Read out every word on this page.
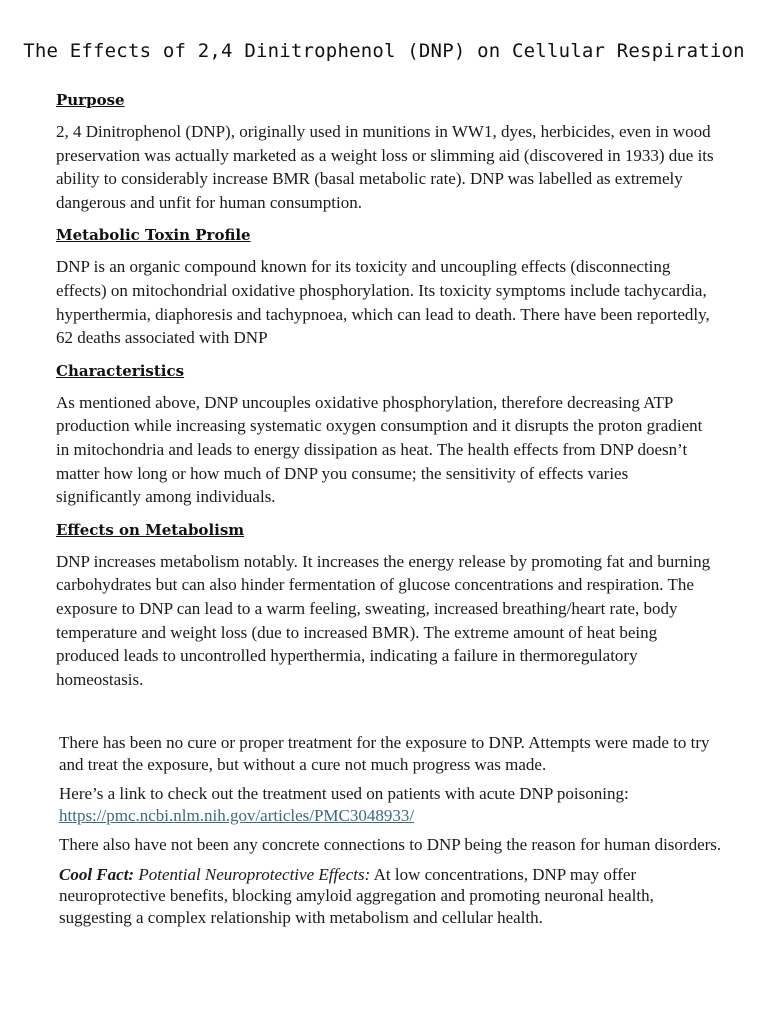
The Effects of 2,4 Dinitrophenol (DNP) on Cellular Respiration
Purpose

2, 4 Dinitrophenol (DNP), originally used in munitions in WW1, dyes, herbicides, even in wood preservation was actually marketed as a weight loss or slimming aid (discovered in 1933) due its ability to considerably increase BMR (basal metabolic rate). DNP was labelled as extremely dangerous and unfit for human consumption.

Metabolic Toxin Profile

DNP is an organic compound known for its toxicity and uncoupling effects (disconnecting effects) on mitochondrial oxidative phosphorylation. Its toxicity symptoms include tachycardia, hyperthermia, diaphoresis and tachypnoea, which can lead to death. There have been reportedly, 62 deaths associated with DNP

Characteristics

As mentioned above, DNP uncouples oxidative phosphorylation, therefore decreasing ATP production while increasing systematic oxygen consumption and it disrupts the proton gradient in mitochondria and leads to energy dissipation as heat. The health effects from DNP doesn’t matter how long or how much of DNP you consume; the sensitivity of effects varies significantly among individuals.

Effects on Metabolism

DNP increases metabolism notably. It increases the energy release by promoting fat and burning carbohydrates but can also hinder fermentation of glucose concentrations and respiration. The exposure to DNP can lead to a warm feeling, sweating, increased breathing/heart rate, body temperature and weight loss (due to increased BMR). The extreme amount of heat being produced leads to uncontrolled hyperthermia, indicating a failure in thermoregulatory homeostasis.

There has been no cure or proper treatment for the exposure to DNP. Attempts were made to try and treat the exposure, but without a cure not much progress was made.

Here’s a link to check out the treatment used on patients with acute DNP poisoning:
https://pmc.ncbi.nlm.nih.gov/articles/PMC3048933/

There also have not been any concrete connections to DNP being the reason for human disorders.

Cool Fact: Potential Neuroprotective Effects: At low concentrations, DNP may offer neuroprotective benefits, blocking amyloid aggregation and promoting neuronal health, suggesting a complex relationship with metabolism and cellular health.
